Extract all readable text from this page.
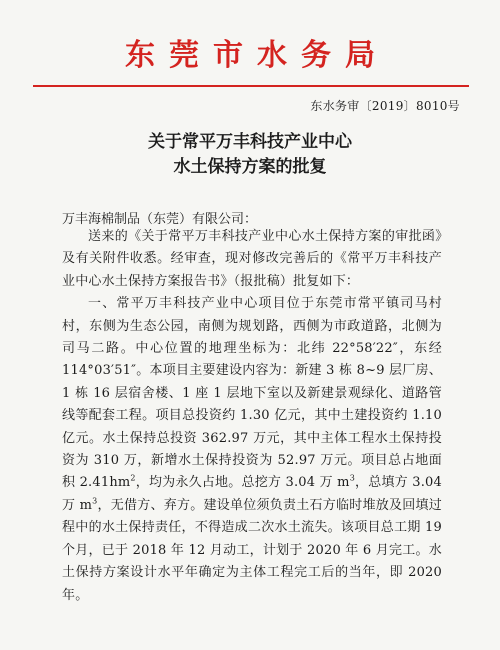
东莞市水务局
东水务审〔2019〕8010号
关于常平万丰科技产业中心
水土保持方案的批复
万丰海棉制品（东莞）有限公司：

送来的《关于常平万丰科技产业中心水土保持方案的审批函》及有关附件收悉。经审查，现对修改完善后的《常平万丰科技产业中心水土保持方案报告书》（报批稿）批复如下：

一、常平万丰科技产业中心项目位于东莞市常平镇司马村村，东侧为生态公园，南侧为规划路，西侧为市政道路，北侧为司马二路。中心位置的地理坐标为：北纬 22°58′22″，东经 114°03′51″。本项目主要建设内容为：新建 3 栋 8~9 层厂房、1 栋 16 层宿舍楼、1 座 1 层地下室以及新建景观绿化、道路管线等配套工程。项目总投资约 1.30 亿元，其中土建投资约 1.10 亿元。水土保持总投资 362.97 万元，其中主体工程水土保持投资为 310 万，新增水土保持投资为 52.97 万元。项目总占地面积 $2.41hm^2$，均为永久占地。总挖方 3.04 万 $m^3$，总填方 3.04 万 $m^3$，无借方、弃方。建设单位须负责土石方临时堆放及回填过程中的水土保持责任，不得造成二次水土流失。该项目总工期 19 个月，已于 2018 年 12 月动工，计划于 2020 年 6 月完工。水土保持方案设计水平年确定为主体工程完工后的当年，即 2020 年。
